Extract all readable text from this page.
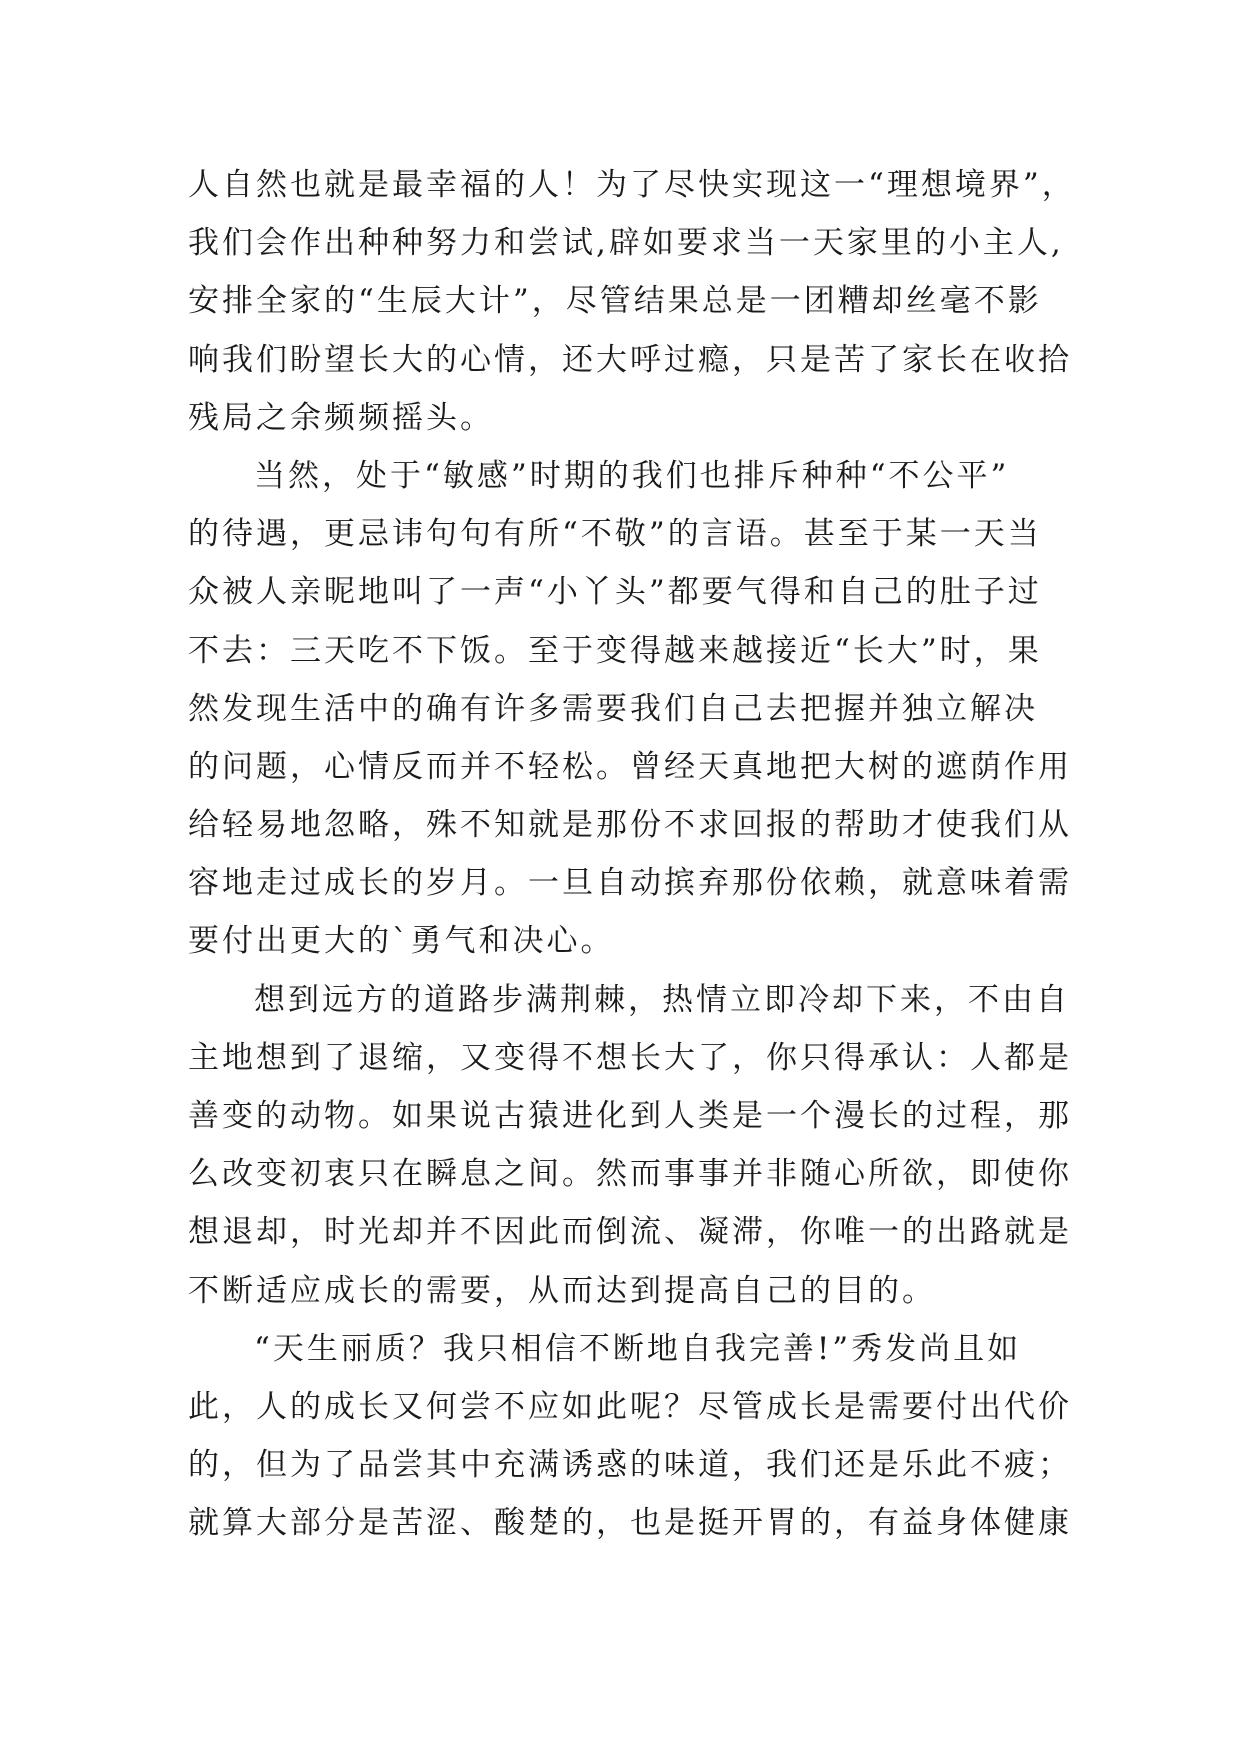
人自然也就是最幸福的人！为了尽快实现这一“理想境界”，
我们会作出种种努力和尝试,辟如要求当一天家里的小主人,
安排全家的“生辰大计”，尽管结果总是一团糟却丝毫不影
响我们盼望长大的心情，还大呼过瘾，只是苦了家长在收拾
残局之余频频摇头。
当然，处于“敏感”时期的我们也排斥种种“不公平”
的待遇，更忌讳句句有所“不敬”的言语。甚至于某一天当
众被人亲昵地叫了一声“小丫头”都要气得和自己的肚子过
不去：三天吃不下饭。至于变得越来越接近“长大”时，果
然发现生活中的确有许多需要我们自己去把握并独立解决
的问题，心情反而并不轻松。曾经天真地把大树的遮荫作用
给轻易地忽略，殊不知就是那份不求回报的帮助才使我们从
容地走过成长的岁月。一旦自动摈弃那份依赖，就意味着需
要付出更大的`勇气和决心。
想到远方的道路步满荆棘，热情立即冷却下来，不由自
主地想到了退缩，又变得不想长大了，你只得承认：人都是
善变的动物。如果说古猿进化到人类是一个漫长的过程，那
么改变初衷只在瞬息之间。然而事事并非随心所欲，即使你
想退却，时光却并不因此而倒流、凝滞，你唯一的出路就是
不断适应成长的需要，从而达到提高自己的目的。
“天生丽质？我只相信不断地自我完善!”秀发尚且如
此，人的成长又何尝不应如此呢？尽管成长是需要付出代价
的，但为了品尝其中充满诱惑的味道，我们还是乐此不疲；
就算大部分是苦涩、酸楚的，也是挺开胃的，有益身体健康
